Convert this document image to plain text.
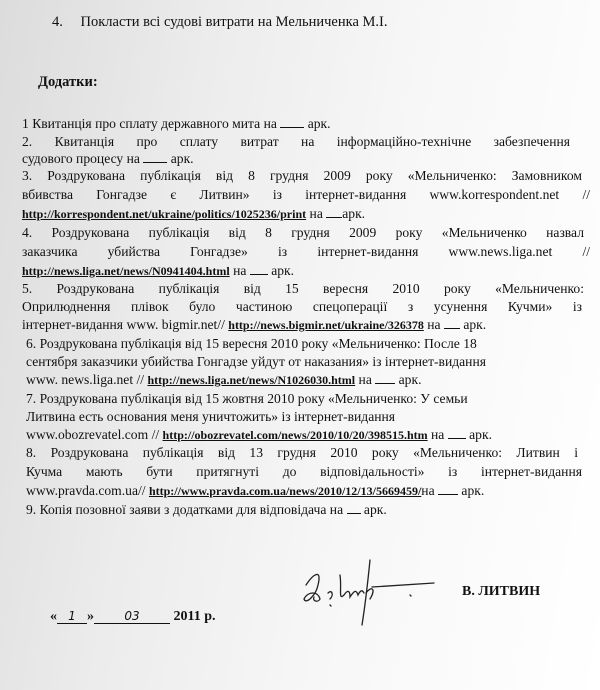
4. Покласти всі судові витрати на Мельниченка М.І.
Додатки:
1 Квитанція про сплату державного мита на  арк.
2. Квитанція про сплату витрат на інформаційно-технічне забезпечення
судового процесу на  арк.
3. Роздрукована публікація від 8 грудня 2009 року «Мельниченко: Замовником
вбивства Гонгадзе є Литвин» із інтернет-видання www.korrespondent.net //
http://korrespondent.net/ukraine/politics/1025236/print на арк.
4. Роздрукована публікація від 8 грудня 2009 року «Мельниченко назвал
заказчика убийства Гонгадзе» із інтернет-видання www.news.liga.net //
http://news.liga.net/news/N0941404.html на  арк.
5. Роздрукована публікація від 15 вересня 2010 року «Мельниченко:
Оприлюднення плівок було частиною спецоперації з усунення Кучми» із
інтернет-видання www. bigmir.net// http://news.bigmir.net/ukraine/326378 на  арк.
6. Роздрукована публікація від 15 вересня 2010 року «Мельниченко: После 18
сентября заказчики убийства Гонгадзе уйдут от наказания» із інтернет-видання
www. news.liga.net // http://news.liga.net/news/N1026030.html на  арк.
7. Роздрукована публікація від 15 жовтня 2010 року «Мельниченко: У семьи
Литвина есть основания меня уничтожить» із інтернет-видання
www.obozrevatel.com // http://obozrevatel.com/news/2010/10/20/398515.htm на  арк.
8. Роздрукована публікація від 13 грудня 2010 року «Мельниченко: Литвин і
Кучма мають бути притягнуті до відповідальності» із інтернет-видання
www.pravda.com.ua// http://www.pravda.com.ua/news/2010/12/13/5669459/на  арк.
9. Копія позовної заяви з додатками для відповідача на  арк.
В. ЛИТВИН
« 1 »	03 2011 р.
